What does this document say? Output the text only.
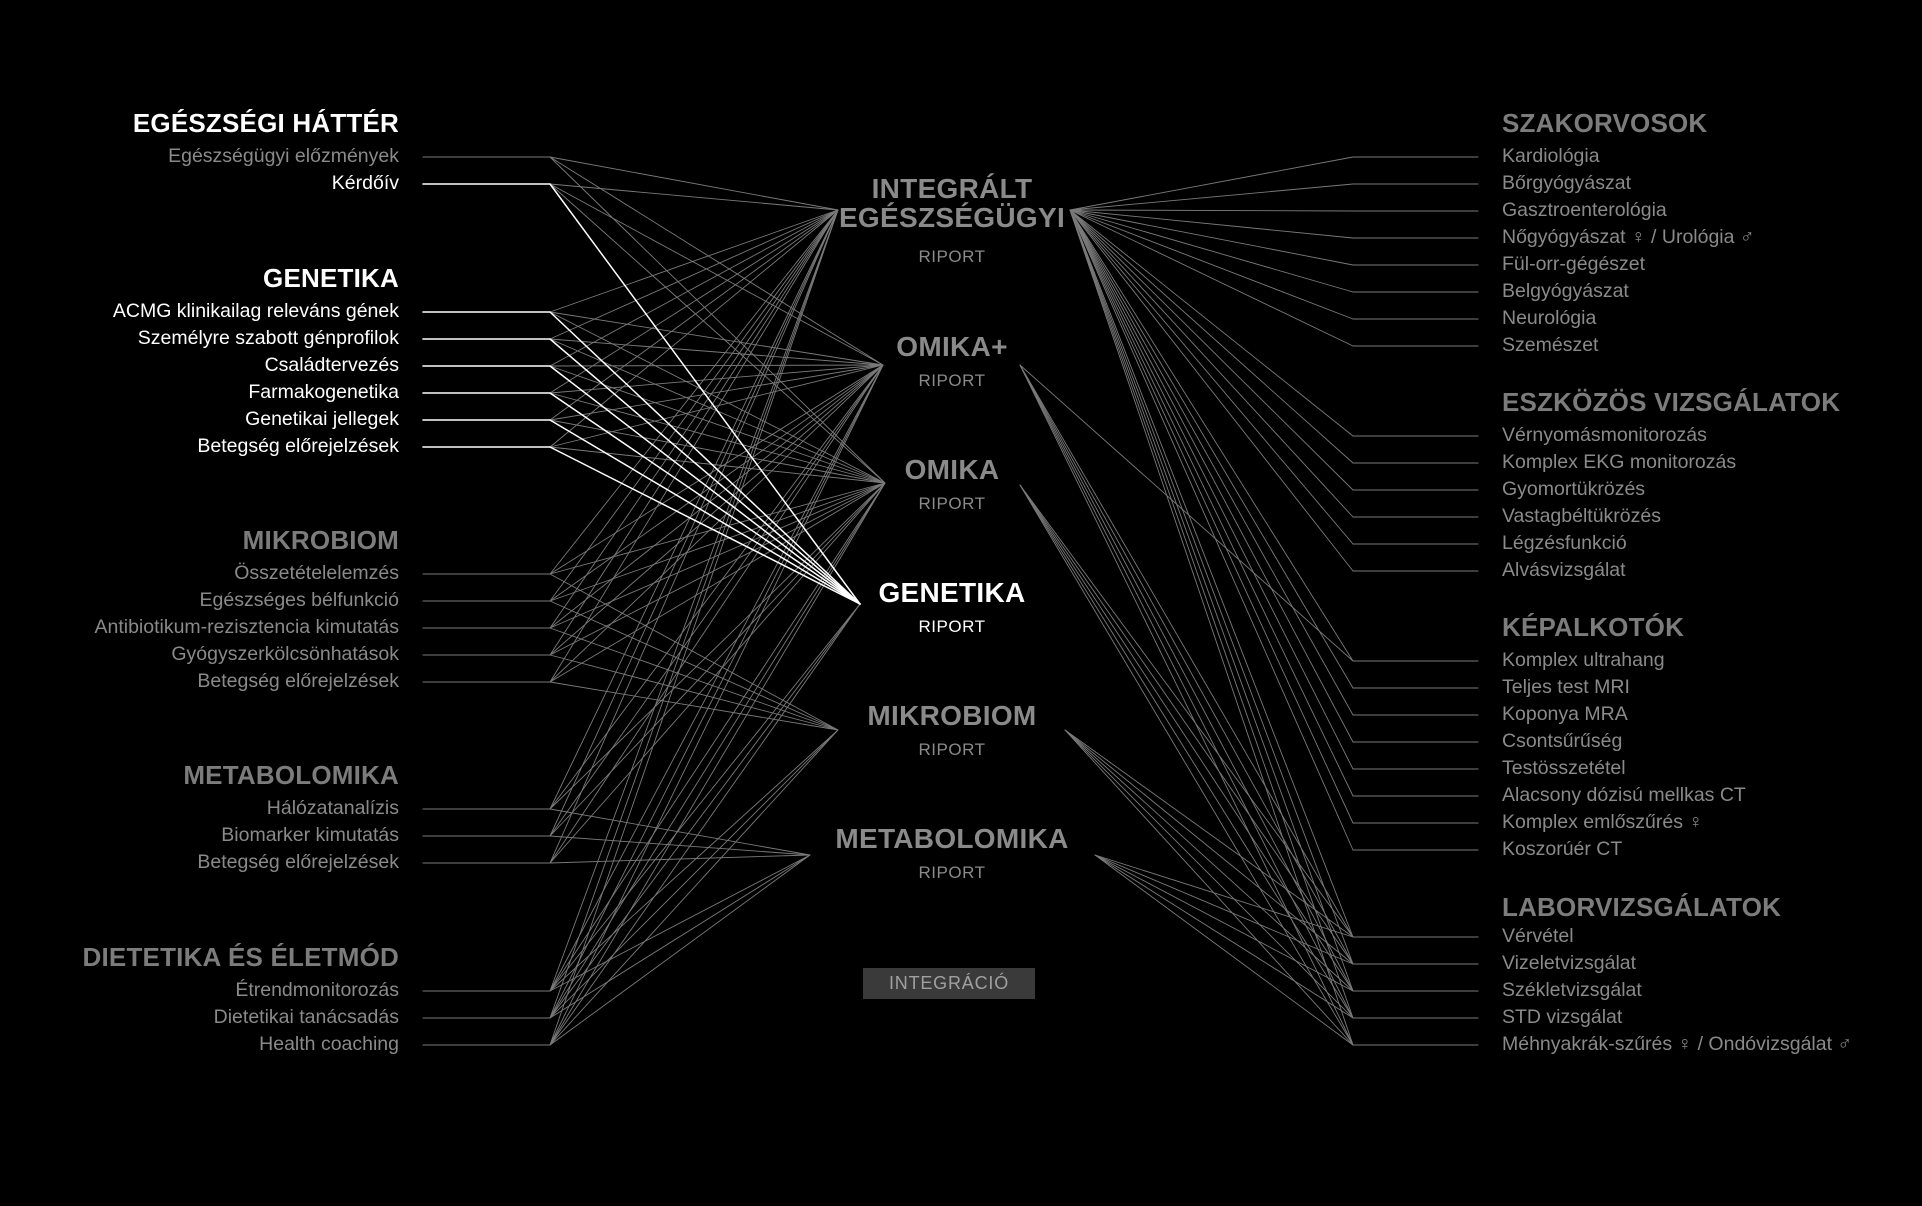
INTEGRÁCIÓ
EGÉSZSÉGI HÁTTÉR
Egészségügyi előzmények
Kérdőív
GENETIKA
ACMG klinikailag releváns gének
Személyre szabott génprofilok
Családtervezés
Farmakogenetika
Genetikai jellegek
Betegség előrejelzések
MIKROBIOM
Összetételelemzés
Egészséges bélfunkció
Antibiotikum-rezisztencia kimutatás
Gyógyszerkölcsönhatások
Betegség előrejelzések
METABOLOMIKA
Hálózatanalízis
Biomarker kimutatás
Betegség előrejelzések
DIETETIKA ÉS ÉLETMÓD
Étrendmonitorozás
Dietetikai tanácsadás
Health coaching
INTEGRÁLT EGÉSZSÉGÜGYI
RIPORT
OMIKA+
RIPORT
OMIKA
RIPORT
GENETIKA
RIPORT
MIKROBIOM
RIPORT
METABOLOMIKA
RIPORT
SZAKORVOSOK
Kardiológia
Bőrgyógyászat
Gasztroenterológia
Nőgyógyászat ♀ / Urológia ♂
Fül-orr-gégészet
Belgyógyászat
Neurológia
Szemészet
ESZKÖZÖS VIZSGÁLATOK
Vérnyomásmonitorozás
Komplex EKG monitorozás
Gyomortükrözés
Vastagbéltükrözés
Légzésfunkció
Alvásvizsgálat
KÉPALKOTÓK
Komplex ultrahang
Teljes test MRI
Koponya MRA
Csontsűrűség
Testösszetétel
Alacsony dózisú mellkas CT
Komplex emlőszűrés ♀
Koszorúér CT
LABORVIZSGÁLATOK
Vérvétel
Vizeletvizsgálat
Székletvizsgálat
STD vizsgálat
Méhnyakrák-szűrés ♀ / Ondóvizsgálat ♂
